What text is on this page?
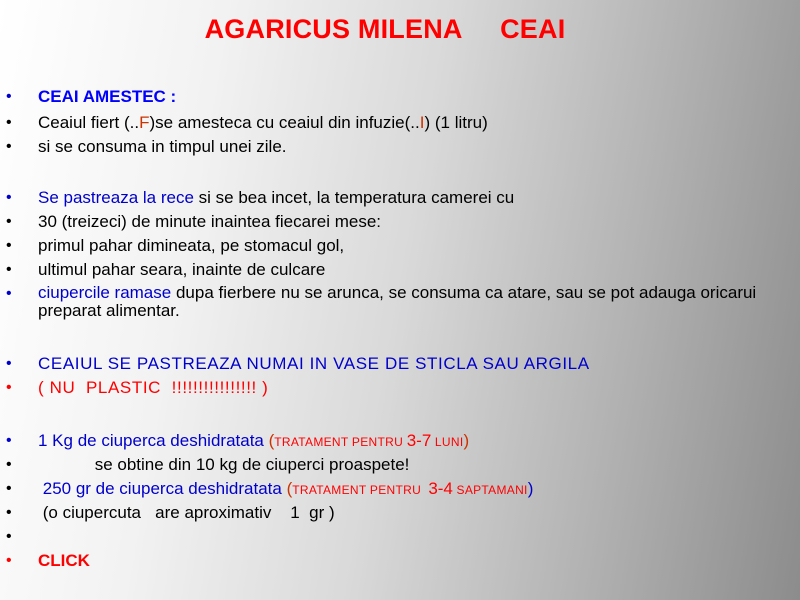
AGARICUS MILENA     CEAI
•	CEAI AMESTEC :
•	Ceaiul fiert (..F)se amesteca cu ceaiul din infuzie(..I) (1 litru)
•	si se consuma in timpul unei zile.
•	Se pastreaza la rece si se bea incet, la temperatura camerei cu
•	30 (treizeci) de minute inaintea fiecarei mese:
•	primul pahar dimineata, pe stomacul gol,
•	ultimul pahar seara, inainte de culcare
•	ciupercile ramase dupa fierbere nu se arunca, se consuma ca atare, sau se pot adauga oricarui preparat alimentar.
•	CEAIUL SE PASTREAZA NUMAI IN VASE DE STICLA SAU ARGILA
•	( NU  PLASTIC  !!!!!!!!!!!!!!!! )
•	1 Kg de ciuperca deshidratata (TRATAMENT PENTRU 3-7 LUNI)
•	se obtine din 10 kg de ciuperci proaspete!
•	250 gr de ciuperca deshidratata (TRATAMENT PENTRU  3-4 SAPTAMANI)
•	(o ciupercuta   are aproximativ    1  gr )
•
•	CLICK
